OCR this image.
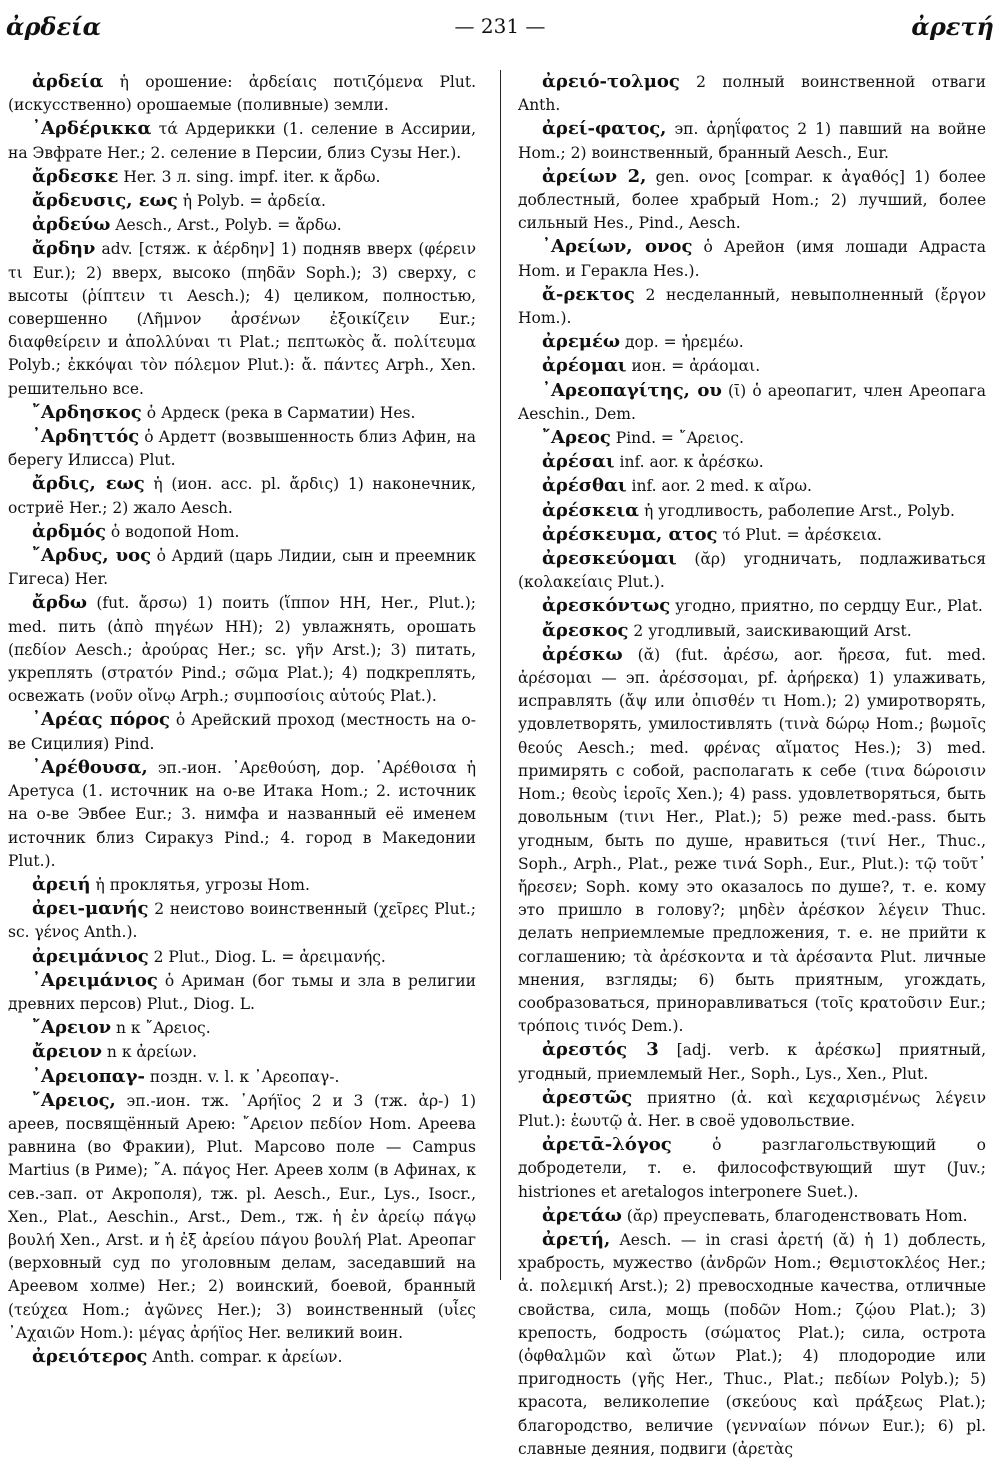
ἀρδεία	— 231 —	ἀρετή

ἀρδεία ἡ орошение: ἀρδείαις ποτιζόμενα Plut. (искусственно) орошаемые (поливные) земли.

᾿Αρδέρικκα τά Ардерикки (1. селение в Ассирии, на Эвфрате Her.; 2. селение в Персии, близ Сузы Her.).

ἄρδεσκε Her. 3 л. sing. impf. iter. к ἄρδω.

ἄρδευσις, εως ἡ Polyb. = ἀρδεία.

ἀρδεύω Aesch., Arst., Polyb. = ἄρδω.

ἄρδην adv. [стяж. к ἀέρδην] 1) подняв вверх (φέρειν τι Eur.); 2) вверх, высоко (πηδᾶν Soph.); 3) сверху, с высоты (ῥίπτειν τι Aesch.); 4) целиком, полностью, совершенно (Λῆμνον ἀρσένων ἐξοικίζειν Eur.; διαφθείρειν и ἀπολλύναι τι Plat.; πεπτωκὸς ἄ. πολίτευμα Polyb.; ἐκκόψαι τὸν πόλεμον Plut.): ἄ. πάντες Arph., Xen. решительно все.

῎Αρδησκος ὁ Ардеск (река в Сарматии) Hes.

᾿Αρδηττός ὁ Ардетт (возвышенность близ Афин, на берегу Илисса) Plut.

ἄρδις, εως ἡ (ион. acc. pl. ἄρδις) 1) наконечник, остриё Her.; 2) жало Aesch.

ἀρδμός ὁ водопой Hom.

῎Αρδυς, υος ὁ Ардий (царь Лидии, сын и преемник Гигеса) Her.

ἄρδω (fut. ἄρσω) 1) поить (ἵππον HH, Her., Plut.); med. пить (ἀπὸ πηγέων HH); 2) увлажнять, орошать (πεδίον Aesch.; ἀρούρας Her.; sc. γῆν Arst.); 3) питать, укреплять (στρατόν Pind.; σῶμα Plat.); 4) подкреплять, освежать (νοῦν οἴνῳ Arph.; συμποσίοις αὑτούς Plat.).

᾿Αρέας πόρος ὁ Арейский проход (местность на о-ве Сицилия) Pind.

᾿Αρέθουσα, эп.-ион. ᾿Αρεθούση, дор. ᾿Αρέθοισα ἡ Аретуса (1. источник на о-ве Итака Hom.; 2. источник на о-ве Эвбее Eur.; 3. нимфа и названный её именем источник близ Сиракуз Pind.; 4. город в Македонии Plut.).

ἀρειή ἡ проклятья, угрозы Hom.

ἀρει-μανής 2 неистово воинственный (χεῖρες Plut.; sc. γένος Anth.).

ἀρειμάνιος 2 Plut., Diog. L. = ἀρειμανής.

᾿Αρειμάνιος ὁ Ариман (бог тьмы и зла в религии древних персов) Plut., Diog. L.

῎Αρειον n к ῎Αρειος.

ἄρειον n к ἀρείων.

᾿Αρειοπαγ- поздн. v. l. к ᾿Αρεοπαγ-.

῎Αρειος, эп.-ион. тж. ᾿Αρήϊος 2 и 3 (тж. ἀρ-) 1) ареев, посвящённый Арею: ῎Αρειον πεδίον Hom. Ареева равнина (во Фракии), Plut. Марсово поле — Campus Martius (в Риме); ῎Α. πάγος Her. Ареев холм (в Афинах, к сев.-зап. от Акрополя), тж. pl. Aesch., Eur., Lys., Isocr., Xen., Plat., Aeschin., Arst., Dem., тж. ἡ ἐν ἀρείῳ πάγῳ βουλή Xen., Arst. и ἡ ἐξ ἀρείου πάγου βουλή Plat. Ареопаг (верховный суд по уголовным делам, заседавший на Ареевом холме) Her.; 2) воинский, боевой, бранный (τεύχεα Hom.; ἀγῶνες Her.); 3) воинственный (υἷες ᾿Αχαιῶν Hom.): μέγας ἀρήϊος Her. великий воин.

ἀρειότερος Anth. compar. к ἀρείων.

ἀρειό-τολμος 2 полный воинственной отваги Anth.

ἀρεί-φατος, эп. ἀρηΐφατος 2 1) павший на войне Hom.; 2) воинственный, бранный Aesch., Eur.

ἀρείων 2, gen. ονος [compar. к ἀγαθός] 1) более доблестный, более храбрый Hom.; 2) лучший, более сильный Hes., Pind., Aesch.

᾿Αρείων, ονος ὁ Арейон (имя лошади Адраста Hom. и Геракла Hes.).

ἄ-ρεκτος 2 несделанный, невыполненный (ἔργον Hom.).

ἀρεμέω дор. = ἠρεμέω.

ἀρέομαι ион. = ἀράομαι.

᾿Αρεοπαγίτης, ου (ῑ) ὁ ареопагит, член Ареопага Aeschin., Dem.

῎Αρεος Pind. = ῎Αρειος.

ἀρέσαι inf. aor. к ἀρέσκω.

ἀρέσθαι inf. aor. 2 med. к αἴρω.

ἀρέσκεια ἡ угодливость, раболепие Arst., Polyb.

ἀρέσκευμα, ατος τό Plut. = ἀρέσκεια.

ἀρεσκεύομαι (ᾰρ) угодничать, подлаживаться (κολακείαις Plut.).

ἀρεσκόντως угодно, приятно, по сердцу Eur., Plat.

ἄρεσκος 2 угодливый, заискивающий Arst.

ἀρέσκω (ᾰ) (fut. ἀρέσω, aor. ἤρεσα, fut. med. ἀρέσομαι — эп. ἀρέσσομαι, pf. ἀρήρεκα) 1) улаживать, исправлять (ἄψ или ὀπισθέν τι Hom.); 2) умиротворять, удовлетворять, умилостивлять (τινὰ δώρῳ Hom.; βωμοῖς θεούς Aesch.; med. φρένας αἵματος Hes.); 3) med. примирять с собой, располагать к себе (τινα δώροισιν Hom.; θεοὺς ἱεροῖς Xen.); 4) pass. удовлетворяться, быть довольным (τινι Her., Plat.); 5) реже med.-pass. быть угодным, быть по душе, нравиться (τινί Her., Thuc., Soph., Arph., Plat., реже τινά Soph., Eur., Plut.): τῷ τοῦτ᾿ ἤρεσεν; Soph. кому это оказалось по душе?, т. е. кому это пришло в голову?; μηδὲν ἀρέσκον λέγειν Thuc. делать неприемлемые предложения, т. е. не прийти к соглашению; τὰ ἀρέσκοντα и τὰ ἀρέσαντα Plut. личные мнения, взгляды; 6) быть приятным, угождать, сообразоваться, приноравливаться (τοῖς κρατοῦσιν Eur.; τρόποις τινός Dem.).

ἀρεστός 3 [adj. verb. к ἀρέσκω] приятный, угодный, приемлемый Her., Soph., Lys., Xen., Plut.

ἀρεστῶς приятно (ἀ. καὶ κεχαρισμένως λέγειν Plut.): ἑωυτῷ ἀ. Her. в своё удовольствие.

ἀρετᾱ-λόγος ὁ разглагольствующий о добродетели, т. е. философствующий шут (Juv.; histriones et aretalogos interponere Suet.).

ἀρετάω (ᾰρ) преуспевать, благоденствовать Hom.

ἀρετή, Aesch. — in crasi ἀρετή (ᾰ) ἡ 1) доблесть, храбрость, мужество (ἀνδρῶν Hom.; Θεμιστοκλέος Her.; ἀ. πολεμική Arst.); 2) превосходные качества, отличные свойства, сила, мощь (ποδῶν Hom.; ζῴου Plat.); 3) крепость, бодрость (σώματος Plat.); сила, острота (ὀφθαλμῶν καὶ ὤτων Plat.); 4) плодородие или пригодность (γῆς Her., Thuc., Plat.; πεδίων Polyb.); 5) красота, великолепие (σκεύους καὶ πράξεως Plat.); благородство, величие (γενναίων πόνων Eur.); 6) pl. славные деяния, подвиги (ἀρετὰς
